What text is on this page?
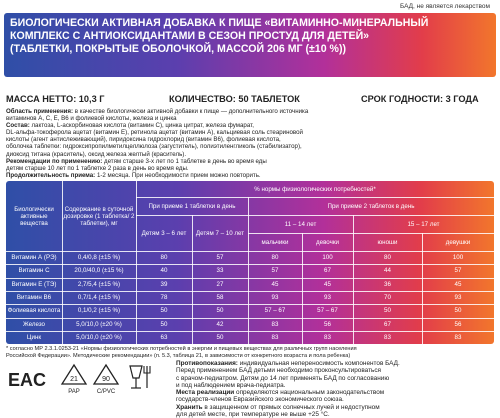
БАД, не является лекарством
БИОЛОГИЧЕСКИ АКТИВНАЯ ДОБАВКА К ПИЩЕ «ВИТАМИННО-МИНЕРАЛЬНЫЙ
КОМПЛЕКС С АНТИОКСИДАНТАМИ В СЕЗОН ПРОСТУД ДЛЯ ДЕТЕЙ»
(ТАБЛЕТКИ, ПОКРЫТЫЕ ОБОЛОЧКОЙ, МАССОЙ 206 МГ (±10 %))
МАССА НЕТТО: 10,3 Г	КОЛИЧЕСТВО: 50 ТАБЛЕТОК	СРОК ГОДНОСТИ: 3 ГОДА

Область применения: в качестве биологически активной добавки к пище — дополнительного источника

витаминов А, С, Е, В6 и фолиевой кислоты, железа и цинка

Состав: лактоза, L-аскорбиновая кислота (витамин С), цинка цитрат, железа фумарат,

DL-альфа-токоферола ацетат (витамин Е), ретинола ацетат (витамин А), кальциевая соль стеариновой

кислоты (агент антислеживающий), пиридоксина гидрохлорид (витамин В6), фолиевая кислота,

оболочка таблетки: гидроксипропилметилцеллюлоза (загуститель), полиэтиленгликоль (стабилизатор),

диоксид титана (краситель), оксид железа желтый (краситель).

Рекомендации по применению: детям старше 3-х лет по 1 таблетке в день во время еды

детям старше 10 лет по 1 таблетке 2 раза в день во время еды.

Продолжительность приема: 1-2 месяца. При необходимости прием можно повторить.

Биологически активные вещества
Содержание в суточной дозировке (1 таблетка/ 2 таблетки), мг
% нормы физиологических потребностей*
При приеме 1 таблетки в день	При приеме 2 таблеток в день
Детям 3 – 6 лет	Детям 7 – 10 лет
11 – 14 лет	15 – 17 лет
мальчики	девочки	юноши	девушки
Витамин А (РЭ)	0,4/0,8 (±15 %)	80	57	80	100	80	100
Витамин С	20,0/40,0 (±15 %)	40	33	57	67	44	57
Витамин Е (ТЭ)	2,7/5,4 (±15 %)	39	27	45	45	36	45
Витамин В6	0,7/1,4 (±15 %)	78	58	93	93	70	93
Фолиевая кислота	0,1/0,2 (±15 %)	50	50	57 – 67	57 – 67	50	50
Железо	5,0/10,0 (±20 %)	50	42	83	56	67	56
Цинк	5,0/10,0 (±20 %)	63	50	83	83	83	83
* согласно МР 2.3.1.0253-21 «Нормы физиологических потребностей в энергии и пищевых веществах для различных групп населения
Российской Федерации». Методические рекомендации» (п. 5.3, таблица 21, в зависимости от конкретного возраста и пола ребенка)
EAC	21
PAP
90
C/PVC

Противопоказания: индивидуальная непереносимость компонентов БАД.

Перед применением БАД детьми необходимо проконсультироваться

с врачом-педиатром. Детям до 14 лет применять БАД по согласованию

и под наблюдением врача-педиатра.

Места реализации определяются национальным законодательством

государств-членов Евразийского экономического союза.

Хранить в защищенном от прямых солнечных лучей и недоступном

для детей месте, при температуре не выше +25 °С.
